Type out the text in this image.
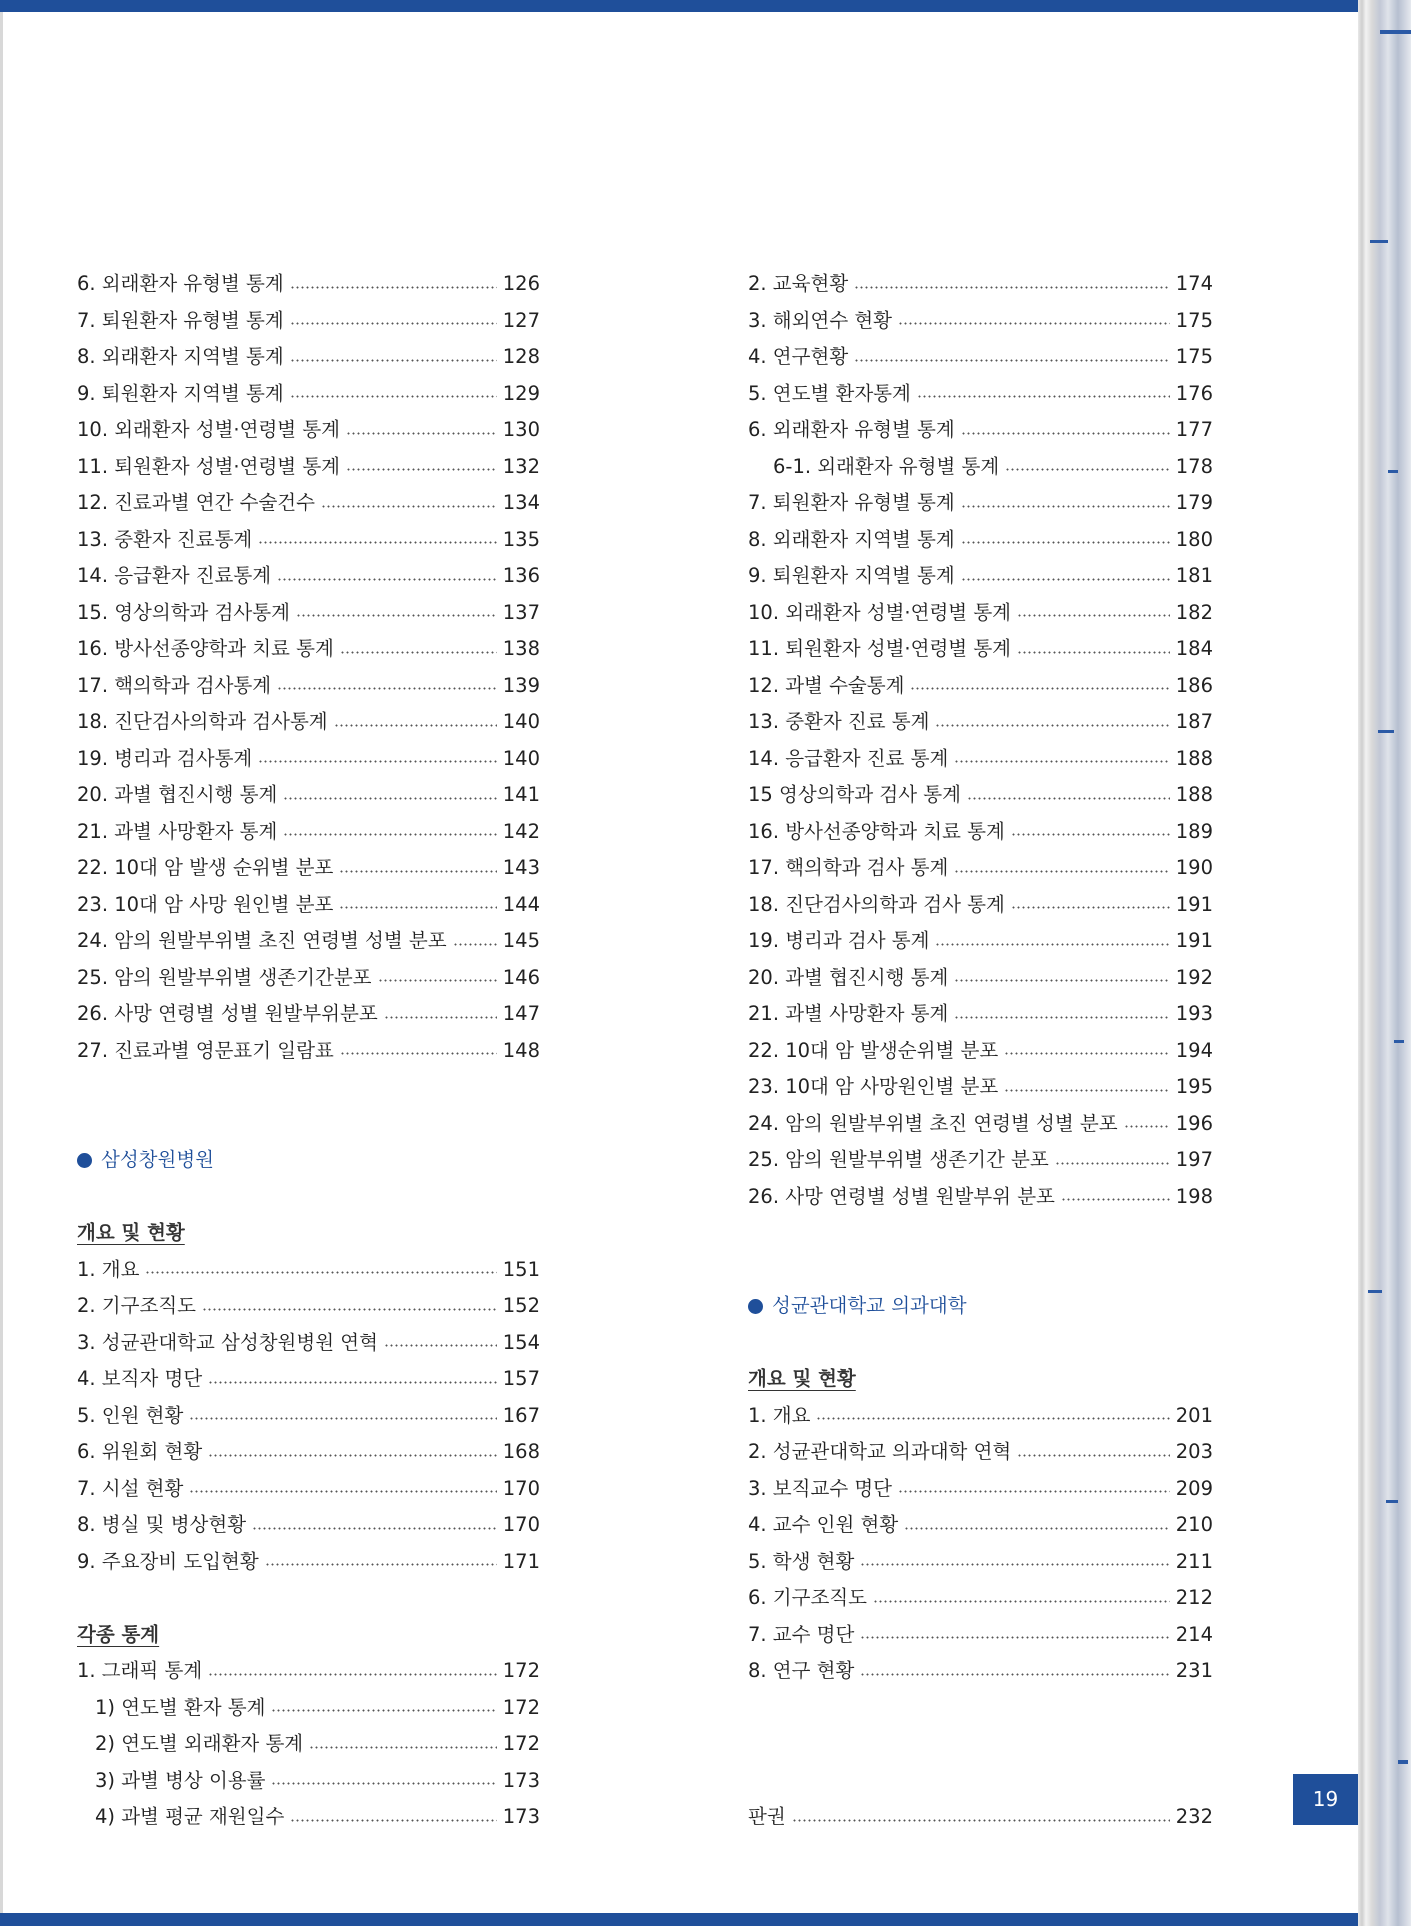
6. 외래환자 유형별 통계	126
7. 퇴원환자 유형별 통계	127
8. 외래환자 지역별 통계	128
9. 퇴원환자 지역별 통계	129
10. 외래환자 성별·연령별 통계	130
11. 퇴원환자 성별·연령별 통계	132
12. 진료과별 연간 수술건수	134
13. 중환자 진료통계	135
14. 응급환자 진료통계	136
15. 영상의학과 검사통계	137
16. 방사선종양학과 치료 통계	138
17. 핵의학과 검사통계	139
18. 진단검사의학과 검사통계	140
19. 병리과 검사통계	140
20. 과별 협진시행 통계	141
21. 과별 사망환자 통계	142
22. 10대 암 발생 순위별 분포	143
23. 10대 암 사망 원인별 분포	144
24. 암의 원발부위별 초진 연령별 성별 분포	145
25. 암의 원발부위별 생존기간분포	146
26. 사망 연령별 성별 원발부위분포	147
27. 진료과별 영문표기 일람표	148
삼성창원병원
개요 및 현황
1. 개요	151
2. 기구조직도	152
3. 성균관대학교 삼성창원병원 연혁	154
4. 보직자 명단	157
5. 인원 현황	167
6. 위원회 현황	168
7. 시설 현황	170
8. 병실 및 병상현황	170
9. 주요장비 도입현황	171
각종 통계
1. 그래픽 통계	172
1) 연도별 환자 통계	172
2) 연도별 외래환자 통계	172
3) 과별 병상 이용률	173
4) 과별 평균 재원일수	173
2. 교육현황	174
3. 해외연수 현황	175
4. 연구현황	175
5. 연도별 환자통계	176
6. 외래환자 유형별 통계	177
6-1. 외래환자 유형별 통계	178
7. 퇴원환자 유형별 통계	179
8. 외래환자 지역별 통계	180
9. 퇴원환자 지역별 통계	181
10. 외래환자 성별·연령별 통계	182
11. 퇴원환자 성별·연령별 통계	184
12. 과별 수술통계	186
13. 중환자 진료 통계	187
14. 응급환자 진료 통계	188
15 영상의학과 검사 통계	188
16. 방사선종양학과 치료 통계	189
17. 핵의학과 검사 통계	190
18. 진단검사의학과 검사 통계	191
19. 병리과 검사 통계	191
20. 과별 협진시행 통계	192
21. 과별 사망환자 통계	193
22. 10대 암 발생순위별 분포	194
23. 10대 암 사망원인별 분포	195
24. 암의 원발부위별 초진 연령별 성별 분포	196
25. 암의 원발부위별 생존기간 분포	197
26. 사망 연령별 성별 원발부위 분포	198
성균관대학교 의과대학
개요 및 현황
1. 개요	201
2. 성균관대학교 의과대학 연혁	203
3. 보직교수 명단	209
4. 교수 인원 현황	210
5. 학생 현황	211
6. 기구조직도	212
7. 교수 명단	214
8. 연구 현황	231
판권	232
19
